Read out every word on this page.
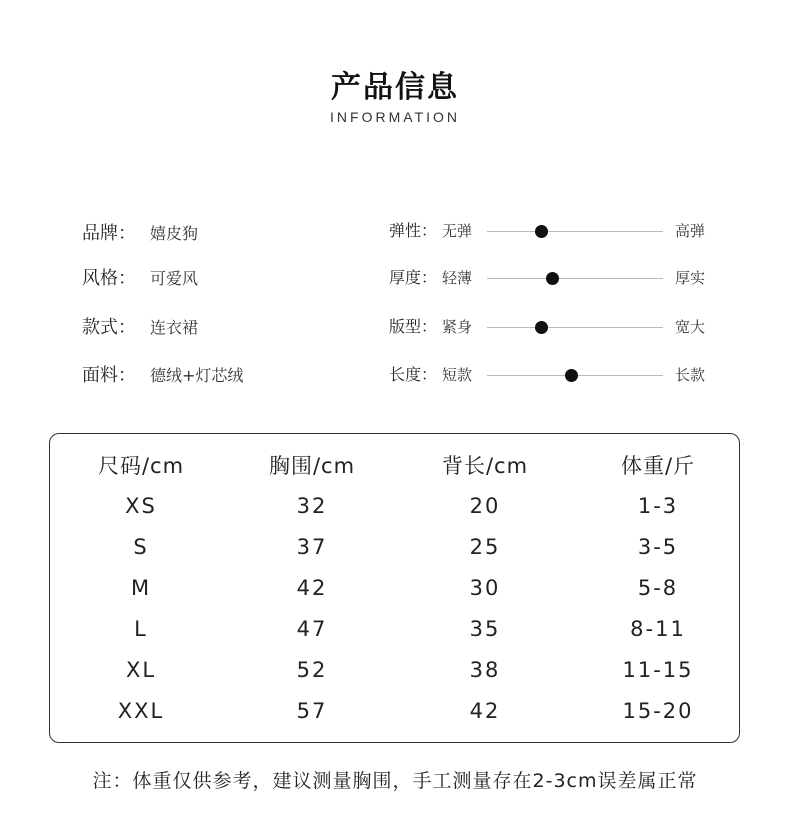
产品信息
INFORMATION
品牌： 嬉皮狗
风格： 可爱风
款式： 连衣裙
面料： 德绒+灯芯绒
弹性： 无弹	高弹
厚度： 轻薄	厚实
版型： 紧身	宽大
长度： 短款	长款
尺码/cm	胸围/cm	背长/cm	体重/斤
XS	32	20	1-3
S	37	25	3-5
M	42	30	5-8
L	47	35	8-11
XL	52	38	11-15
XXL	57	42	15-20
注：体重仅供参考，建议测量胸围，手工测量存在2-3cm误差属正常
